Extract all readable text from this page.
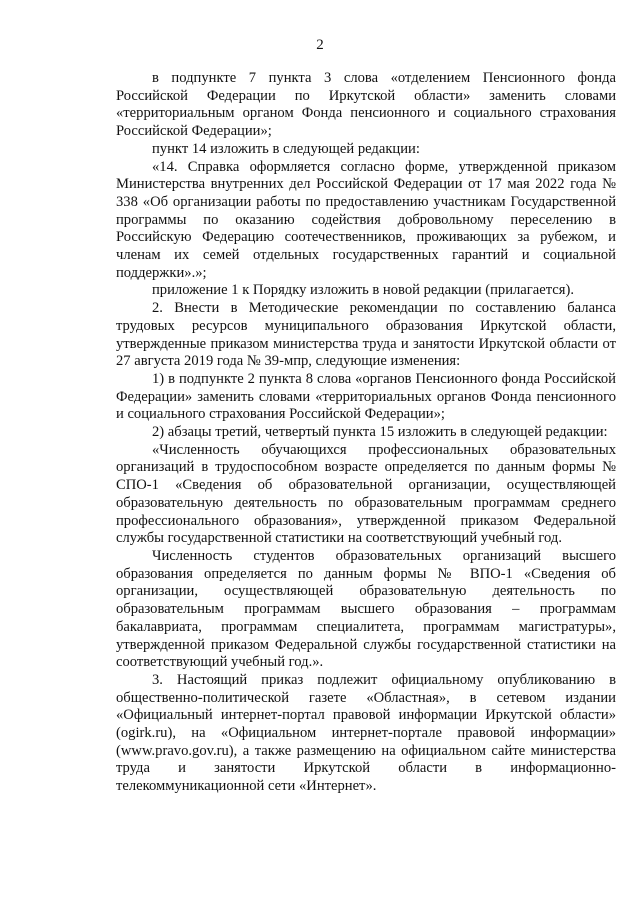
2

в подпункте 7 пункта 3 слова «отделением Пенсионного фонда Российской Федерации по Иркутской области» заменить словами «территориальным органом Фонда пенсионного и социального страхования Российской Федерации»;

пункт 14 изложить в следующей редакции:

«14. Справка оформляется согласно форме, утвержденной приказом Министерства внутренних дел Российской Федерации от 17 мая 2022 года № 338 «Об организации работы по предоставлению участникам Государственной программы по оказанию содействия добровольному переселению в Российскую Федерацию соотечественников, проживающих за рубежом, и членам их семей отдельных государственных гарантий и социальной поддержки».»;

приложение 1 к Порядку изложить в новой редакции (прилагается).

2. Внести в Методические рекомендации по составлению баланса трудовых ресурсов муниципального образования Иркутской области, утвержденные приказом министерства труда и занятости Иркутской области от 27 августа 2019 года № 39-мпр, следующие изменения:

1) в подпункте 2 пункта 8 слова «органов Пенсионного фонда Российской Федерации» заменить словами «территориальных органов Фонда пенсионного и социального страхования Российской Федерации»;

2) абзацы третий, четвертый пункта 15 изложить в следующей редакции:

«Численность обучающихся профессиональных образовательных организаций в трудоспособном возрасте определяется по данным формы № СПО-1 «Сведения об образовательной организации, осуществляющей образовательную деятельность по образовательным программам среднего профессионального образования», утвержденной приказом Федеральной службы государственной статистики на соответствующий учебный год.

Численность студентов образовательных организаций высшего образования определяется по данным формы № ВПО-1 «Сведения об организации, осуществляющей образовательную деятельность по образовательным программам высшего образования – программам бакалавриата, программам специалитета, программам магистратуры», утвержденной приказом Федеральной службы государственной статистики на соответствующий учебный год.».

3. Настоящий приказ подлежит официальному опубликованию в общественно-политической газете «Областная», в сетевом издании «Официальный интернет-портал правовой информации Иркутской области» (ogirk.ru), на «Официальном интернет-портале правовой информации» (www.pravo.gov.ru), а также размещению на официальном сайте министерства труда и занятости Иркутской области в информационно-телекоммуникационной сети «Интернет».
